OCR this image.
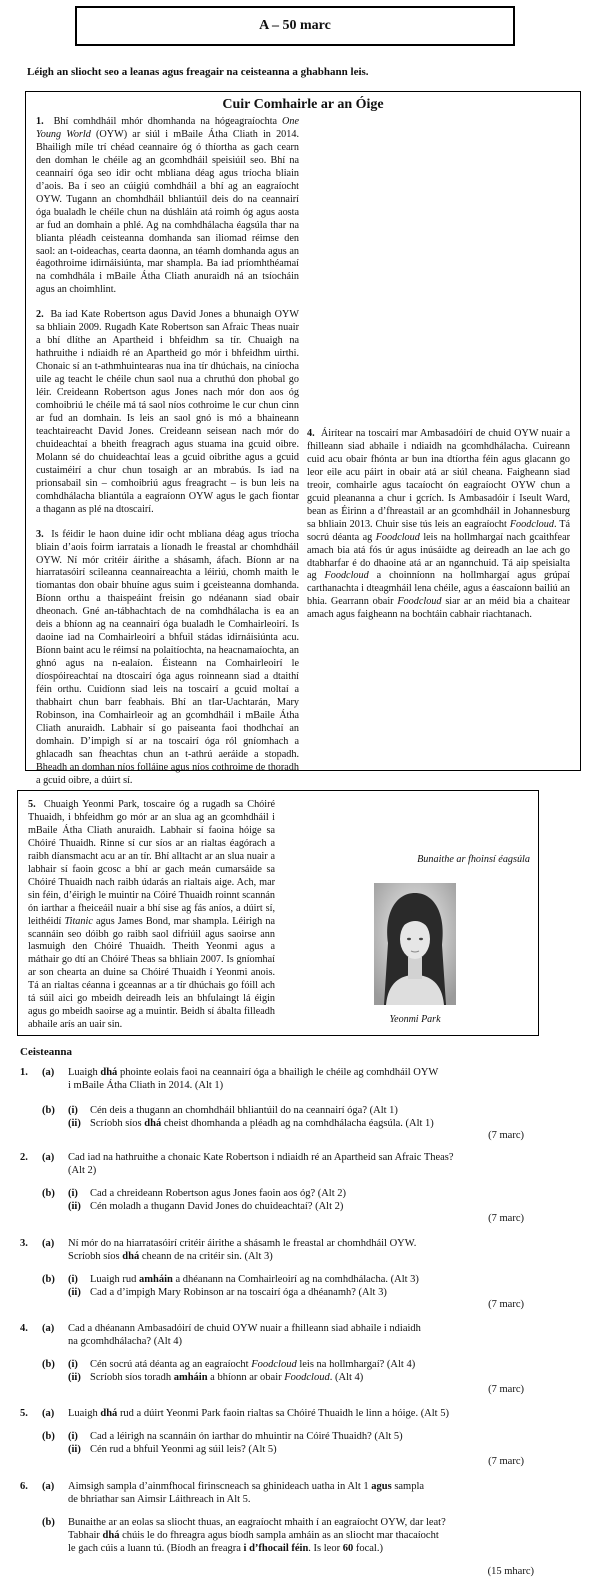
A – 50 marc
Léigh an sliocht seo a leanas agus freagair na ceisteanna a ghabhann leis.
Cuir Comhairle ar an Óige

1. Bhí comhdháil mhór dhomhanda na hógeagraíochta One Young World (OYW) ar siúl i mBaile Átha Cliath in 2014. Bhailigh míle trí chéad ceannaire óg ó thíortha as gach cearn den domhan le chéile ag an gcomhdháil speisiúil seo. Bhí na ceannairí óga seo idir ocht mbliana déag agus tríocha bliain d’aois. Ba í seo an cúigiú comhdháil a bhí ag an eagraíocht OYW. Tugann an chomhdháil bhliantúil deis do na ceannairí óga bualadh le chéile chun na dúshláin atá roimh óg agus aosta ar fud an domhain a phlé. Ag na comhdhálacha éagsúla thar na blianta pléadh ceisteanna domhanda san iliomad réimse den saol: an t-oideachas, cearta daonna, an téamh domhanda agus an éagothroime idirnáisiúnta, mar shampla. Ba iad príomhthéamaí na comhdhála i mBaile Átha Cliath anuraidh ná an tsíocháin agus an choimhlint.

2. Ba iad Kate Robertson agus David Jones a bhunaigh OYW sa bhliain 2009. Rugadh Kate Robertson san Afraic Theas nuair a bhí dlíthe an Apartheid i bhfeidhm sa tír. Chuaigh na hathruithe i ndiaidh ré an Apartheid go mór i bhfeidhm uirthi. Chonaic sí an t-athmhuintearas nua ina tír dhúchais, na ciníocha uile ag teacht le chéile chun saol nua a chruthú don phobal go léir. Creideann Robertson agus Jones nach mór don aos óg comhoibriú le chéile má tá saol níos cothroime le cur chun cinn ar fud an domhain. Is leis an saol gnó is mó a bhaineann teachtaireacht David Jones. Creideann seisean nach mór do chuideachtaí a bheith freagrach agus stuama ina gcuid oibre. Molann sé do chuideachtaí leas a gcuid oibrithe agus a gcuid custaiméirí a chur chun tosaigh ar an mbrabús. Is iad na prionsabail sin – comhoibriú agus freagracht – is bun leis na comhdhálacha bliantúla a eagraíonn OYW agus le gach fiontar a thagann as plé na dtoscairí.

3. Is féidir le haon duine idir ocht mbliana déag agus tríocha bliain d’aois foirm iarratais a líonadh le freastal ar chomhdháil OYW. Ní mór critéir áirithe a shásamh, áfach. Bíonn ar na hiarratasóirí scileanna ceannaireachta a léiriú, chomh maith le tiomantas don obair bhuíne agus suim i gceisteanna domhanda. Bíonn orthu a thaispeáint freisin go ndéanann siad obair dheonach. Gné an-tábhachtach de na comhdhálacha is ea an deis a bhíonn ag na ceannairí óga bualadh le Comhairleoirí. Is daoine iad na Comhairleoirí a bhfuil stádas idirnáisiúnta acu. Bíonn baint acu le réimsí na polaitíochta, na heacnamaíochta, an ghnó agus na n-ealaíon. Éisteann na Comhairleoirí le díospóireachtaí na dtoscairí óga agus roinneann siad a dtaithí féin orthu. Cuidíonn siad leis na toscairí a gcuid moltaí a thabhairt chun barr feabhais. Bhí an tIar-Uachtarán, Mary Robinson, ina Comhairleoir ag an gcomhdháil i mBaile Átha Cliath anuraidh. Labhair sí go paiseanta faoi thodhchaí an domhain. D’impigh sí ar na toscairí óga ról gníomhach a ghlacadh san fheachtas chun an t-athrú aeráide a stopadh. Bheadh an domhan níos folláine agus níos cothroime de thoradh a gcuid oibre, a dúirt sí.

4. Áirítear na toscairí mar Ambasadóirí de chuid OYW nuair a fhilleann siad abhaile i ndiaidh na gcomhdhálacha. Cuireann cuid acu obair fhónta ar bun ina dtíortha féin agus glacann go leor eile acu páirt in obair atá ar siúl cheana. Faigheann siad treoir, comhairle agus tacaíocht ón eagraíocht OYW chun a gcuid pleananna a chur i gcrích. Is Ambasadóir í Iseult Ward, bean as Éirinn a d’fhreastail ar an gcomhdháil in Johannesburg sa bhliain 2013. Chuir sise tús leis an eagraíocht Foodcloud. Tá socrú déanta ag Foodcloud leis na hollmhargaí nach gcaithfear amach bia atá fós úr agus inúsáidte ag deireadh an lae ach go dtabharfar é do dhaoine atá ar an ngannchuid. Tá aip speisialta ag Foodcloud a choinníonn na hollmhargaí agus grúpaí carthanachta i dteagmháil lena chéile, agus a éascaíonn bailiú an bhia. Gearrann obair Foodcloud siar ar an méid bia a chaitear amach agus faigheann na bochtáin cabhair riachtanach.

5. Chuaigh Yeonmi Park, toscaire óg a rugadh sa Chóiré Thuaidh, i bhfeidhm go mór ar an slua ag an gcomhdháil i mBaile Átha Cliath anuraidh. Labhair sí faoina hóige sa Chóiré Thuaidh. Rinne sí cur síos ar an rialtas éagórach a raibh díansmacht acu ar an tír. Bhí alltacht ar an slua nuair a labhair sí faoin gcosc a bhí ar gach meán cumarsáide sa Chóiré Thuaidh nach raibh údarás an rialtais aige. Ach, mar sin féin, d’éirigh le muintir na Cóiré Thuaidh roinnt scannán ón iarthar a fheiceáil nuair a bhí sise ag fás aníos, a dúirt sí, leithéidí Titanic agus James Bond, mar shampla. Léirigh na scannáin seo dóibh go raibh saol difriúil agus saoirse ann lasmuigh den Chóiré Thuaidh. Theith Yeonmi agus a máthair go dtí an Chóiré Theas sa bhliain 2007. Is gníomhaí ar son chearta an duine sa Chóiré Thuaidh í Yeonmi anois. Tá an rialtas céanna i gceannas ar a tír dhúchais go fóill ach tá súil aici go mbeidh deireadh leis an bhfulaingt lá éigin agus go mbeidh saoirse ag a muintir. Beidh sí ábalta filleadh abhaile arís an uair sin.
Bunaithe ar fhoinsí éagsúla
Yeonmi Park
Ceisteanna
1. (a) Luaigh dhá phointe eolais faoi na ceannairí óga a bhailigh le chéile ag comhdháil OYW
i mBaile Átha Cliath in 2014. (Alt 1)
(b) (i) Cén deis a thugann an chomhdháil bhliantúil do na ceannairí óga? (Alt 1)
(ii) Scríobh síos dhá cheist dhomhanda a pléadh ag na comhdhálacha éagsúla. (Alt 1)
(7 marc)
2. (a) Cad iad na hathruithe a chonaic Kate Robertson i ndiaidh ré an Apartheid san Afraic Theas?
(Alt 2)
(b) (i) Cad a chreideann Robertson agus Jones faoin aos óg? (Alt 2)
(ii) Cén moladh a thugann David Jones do chuideachtaí? (Alt 2)
(7 marc)
3. (a) Ní mór do na hiarratasóirí critéir áirithe a shásamh le freastal ar chomhdháil OYW.
Scríobh síos dhá cheann de na critéir sin. (Alt 3)
(b) (i) Luaigh rud amháin a dhéanann na Comhairleoirí ag na comhdhálacha. (Alt 3)
(ii) Cad a d’impigh Mary Robinson ar na toscairí óga a dhéanamh? (Alt 3)
(7 marc)
4. (a) Cad a dhéanann Ambasadóirí de chuid OYW nuair a fhilleann siad abhaile i ndiaidh
na gcomhdhálacha? (Alt 4)
(b) (i) Cén socrú atá déanta ag an eagraíocht Foodcloud leis na hollmhargaí? (Alt 4)
(ii) Scríobh síos toradh amháin a bhíonn ar obair Foodcloud. (Alt 4)
(7 marc)
5. (a) Luaigh dhá rud a dúirt Yeonmi Park faoin rialtas sa Chóiré Thuaidh le linn a hóige. (Alt 5)
(b) (i) Cad a léirigh na scannáin ón iarthar do mhuintir na Cóiré Thuaidh? (Alt 5)
(ii) Cén rud a bhfuil Yeonmi ag súil leis? (Alt 5)
(7 marc)
6. (a) Aimsigh sampla d’ainmfhocal firinscneach sa ghinideach uatha in Alt 1 agus sampla
de bhriathar san Aimsir Láithreach in Alt 5.
(b) Bunaithe ar an eolas sa sliocht thuas, an eagraíocht mhaith í an eagraíocht OYW, dar leat?
Tabhair dhá chúis le do fhreagra agus bíodh sampla amháin as an sliocht mar thacaíocht
le gach cúis a luann tú. (Bíodh an freagra i d’fhocail féin. Is leor 60 focal.)
(15 mharc)
